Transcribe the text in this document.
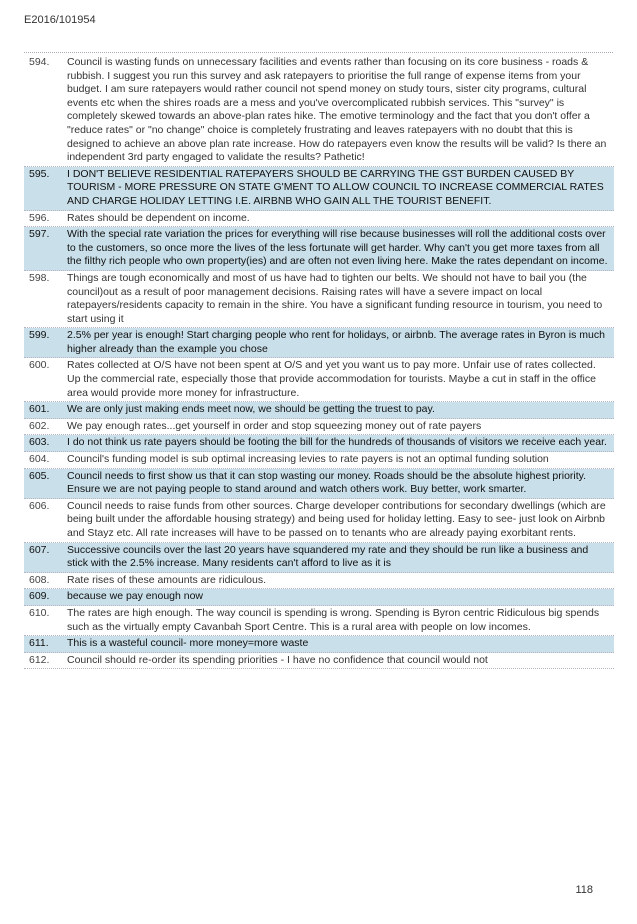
E2016/101954
594.	Council is wasting funds on unnecessary facilities and events rather than focusing on its core business - roads & rubbish. I suggest you run this survey and ask ratepayers to prioritise the full range of expense items from your budget. I am sure ratepayers would rather council not spend money on study tours, sister city programs, cultural events etc when the shires roads are a mess and you've overcomplicated rubbish services. This "survey" is completely skewed towards an above-plan rates hike. The emotive terminology and the fact that you don't offer a "reduce rates" or "no change" choice is completely frustrating and leaves ratepayers with no doubt that this is designed to achieve an above plan rate increase. How do ratepayers even know the results will be valid? Is there an independent 3rd party engaged to validate the results? Pathetic!
595.	I DON'T BELIEVE RESIDENTIAL RATEPAYERS SHOULD BE CARRYING THE GST BURDEN CAUSED BY TOURISM - MORE PRESSURE ON STATE G'MENT TO ALLOW COUNCIL TO INCREASE COMMERCIAL RATES AND CHARGE HOLIDAY LETTING I.E. AIRBNB WHO GAIN ALL THE TOURIST BENEFIT.
596.	Rates should be dependent on income.
597.	With the special rate variation the prices for everything will rise because businesses will roll the additional costs over to the customers, so once more the lives of the less fortunate will get harder. Why can't you get more taxes from all the filthy rich people who own property(ies) and are often not even living here. Make the rates dependant on income.
598.	Things are tough economically and most of us have had to tighten our belts. We should not have to bail you (the council)out as a result of poor management decisions. Raising rates will have a severe impact on local ratepayers/residents capacity to remain in the shire. You have a significant funding resource in tourism, you need to start using it
599.	2.5% per year is enough! Start charging people who rent for holidays, or airbnb. The average rates in Byron is much higher already than the example you chose
600.	Rates collected at O/S have not been spent at O/S and yet you want us to pay more. Unfair use of rates collected. Up the commercial rate, especially those that provide accommodation for tourists. Maybe a cut in staff in the office area would provide more money for infrastructure.
601.	We are only just making ends meet now, we should be getting the truest to pay.
602.	We pay enough rates...get yourself in order and stop squeezing money out of rate payers
603.	I do not think us rate payers should be footing the bill for the hundreds of thousands of visitors we receive each year.
604.	Council's funding model is sub optimal increasing levies to rate payers is not an optimal funding solution
605.	Council needs to first show us that it can stop wasting our money. Roads should be the absolute highest priority. Ensure we are not paying people to stand around and watch others work. Buy better, work smarter.
606.	Council needs to raise funds from other sources. Charge developer contributions for secondary dwellings (which are being built under the affordable housing strategy) and being used for holiday letting. Easy to see- just look on Airbnb and Stayz etc. All rate increases will have to be passed on to tenants who are already paying exorbitant rents.
607.	Successive councils over the last 20 years have squandered my rate and they should be run like a business and stick with the 2.5% increase. Many residents can't afford to live as it is
608.	Rate rises of these amounts are ridiculous.
609.	because we pay enough now
610.	The rates are high enough. The way council is spending is wrong. Spending is Byron centric Ridiculous big spends such as the virtually empty Cavanbah Sport Centre. This is a rural area with people on low incomes.
611.	This is a wasteful council- more money=more waste
612.	Council should re-order its spending priorities - I have no confidence that council would not
118
